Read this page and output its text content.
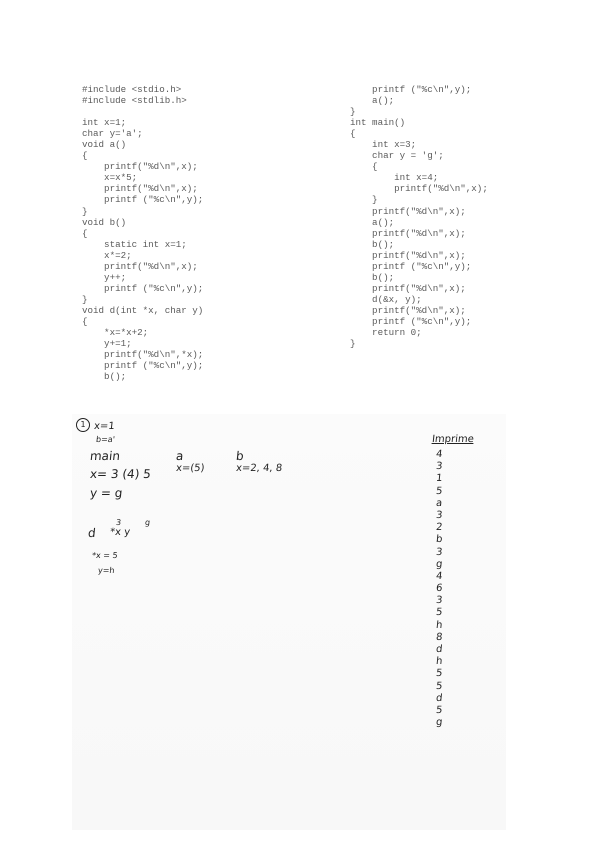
#include <stdio.h>
#include <stdlib.h>
int x=1;
char y='a';
void a()
{
printf("%d\n",x);
x=x*5;
printf("%d\n",x);
printf ("%c\n",y);
}
void b()
{
static int x=1;
x*=2;
printf("%d\n",x);
y++;
printf ("%c\n",y);
}
void d(int *x, char y)
{
*x=*x+2;
y+=1;
printf("%d\n",*x);
printf ("%c\n",y);
b();
printf ("%c\n",y);
a();
}
int main()
{
int x=3;
char y = 'g';
{
int x=4;
printf("%d\n",x);
}
printf("%d\n",x);
a();
printf("%d\n",x);
b();
printf("%d\n",x);
printf ("%c\n",y);
b();
printf("%d\n",x);
d(&x, y);
printf("%d\n",x);
printf ("%c\n",y);
return 0;
}
1 x=1
b=a'
main	a	b
x= 3 (4) 5 x=(5)	x=2, 4, 8
y = g
3	g
d *x y
*x = 5
y=h
Imprime
4
3
1
5
a
3
2
b
3
g
4
6
3
5
h
8
d
h
5
5
d
5
g
